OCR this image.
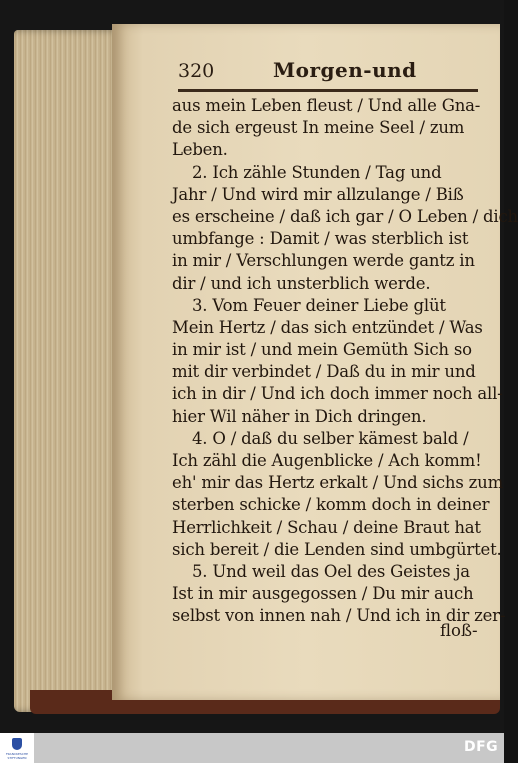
320	Morgen-und
aus mein Leben fleust / Und alle Gna-
de sich ergeust In meine Seel / zum
Leben.
2. Ich zähle Stunden / Tag und
Jahr / Und wird mir allzulange / Biß
es erscheine / daß ich gar / O Leben / dich
umbfange : Damit / was sterblich ist
in mir / Verschlungen werde gantz in
dir / und ich unsterblich werde.
3. Vom Feuer deiner Liebe glüt
Mein Hertz / das sich entzündet / Was
in mir ist / und mein Gemüth Sich so
mit dir verbindet / Daß du in mir und
ich in dir / Und ich doch immer noch all-
hier Wil näher in Dich dringen.
4. O / daß du selber kämest bald /
Ich zähl die Augenblicke / Ach komm!
eh' mir das Hertz erkalt / Und sichs zum
sterben schicke / komm doch in deiner
Herrlichkeit / Schau / deine Braut hat
sich bereit / die Lenden sind umbgürtet.
5. Und weil das Oel des Geistes ja
Ist in mir ausgegossen / Du mir auch
selbst von innen nah / Und ich in dir zer-
floß-
FRANCKESCHE STIFTUNGEN
DFG
